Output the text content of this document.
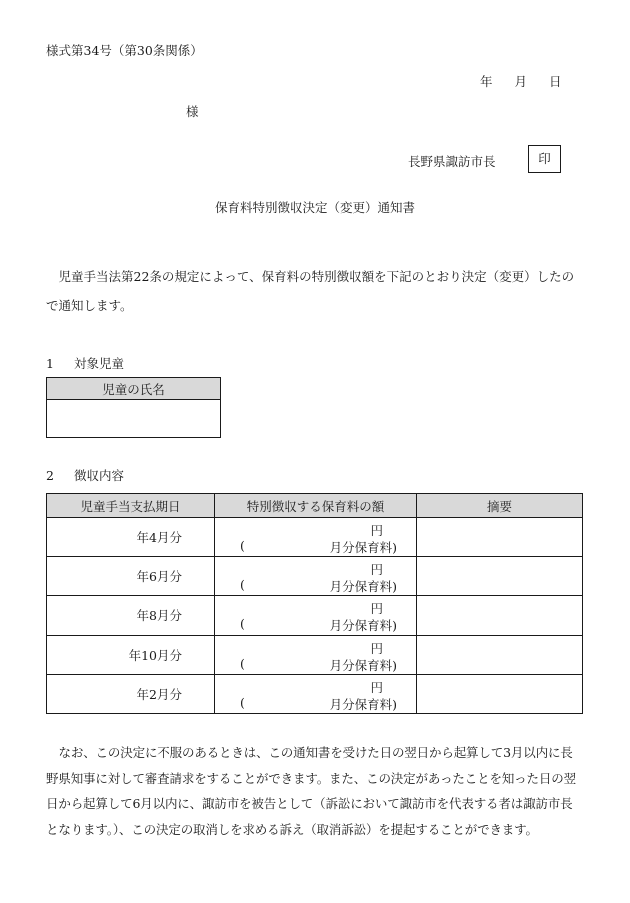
様式第34号（第30条関係）
年 月 日
様
長野県諏訪市長	印
保育料特別徴収決定（変更）通知書
児童手当法第22条の規定によって、保育料の特別徴収額を下記のとおり決定（変更）したので通知します。
1 対象児童
児童の氏名

2 徴収内容
児童手当支払期日	特別徴収する保育料の額	摘要
年4月分	円
( 月分保育料)	

年6月分	円
( 月分保育料)	

年8月分	円
( 月分保育料)	

年10月分	円
( 月分保育料)	

年2月分	円
( 月分保育料)	

なお、この決定に不服のあるときは、この通知書を受けた日の翌日から起算して3月以内に長野県知事に対して審査請求をすることができます。また、この決定があったことを知った日の翌日から起算して6月以内に、諏訪市を被告として（訴訟において諏訪市を代表する者は諏訪市長となります。）、この決定の取消しを求める訴え（取消訴訟）を提起することができます。
